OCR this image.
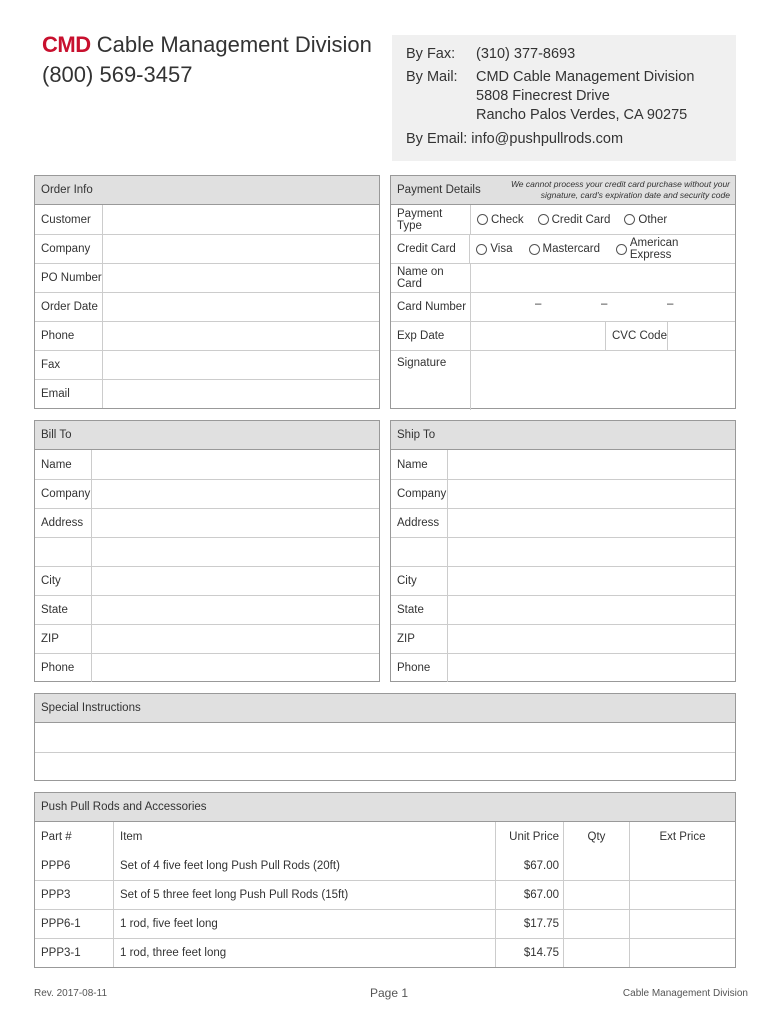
CMD Cable Management Division
(800) 569-3457
By Fax:	(310) 377-8693
By Mail:	CMD Cable Management Division
5808 Finecrest Drive
Rancho Palos Verdes, CA 90275
By Email:
info@pushpullrods.com
Order Info
Customer
Company
PO Number
Order Date
Phone
Fax
Email
Payment Details
We cannot process your credit card purchase without your signature, card's expiration date and security code
Payment Type	Check Credit Card Other
Credit Card	Visa	Mastercard	American Express
Name on Card
Card Number	–	–	–
Exp Date	CVC Code
Signature
Bill To
Name
Company
Address
City
State
ZIP
Phone
Ship To
Name
Company
Address
City
State
ZIP
Phone
Special Instructions
Push Pull Rods and Accessories
Part #	Item	Unit Price	Qty	Ext Price
PPP6	Set of 4 five feet long Push Pull Rods (20ft)	$67.00
PPP3	Set of 5 three feet long Push Pull Rods (15ft)	$67.00
PPP6-1	1 rod, five feet long	$17.75
PPP3-1	1 rod, three feet long	$14.75
Rev. 2017-08-11	Page 1	Cable Management Division
